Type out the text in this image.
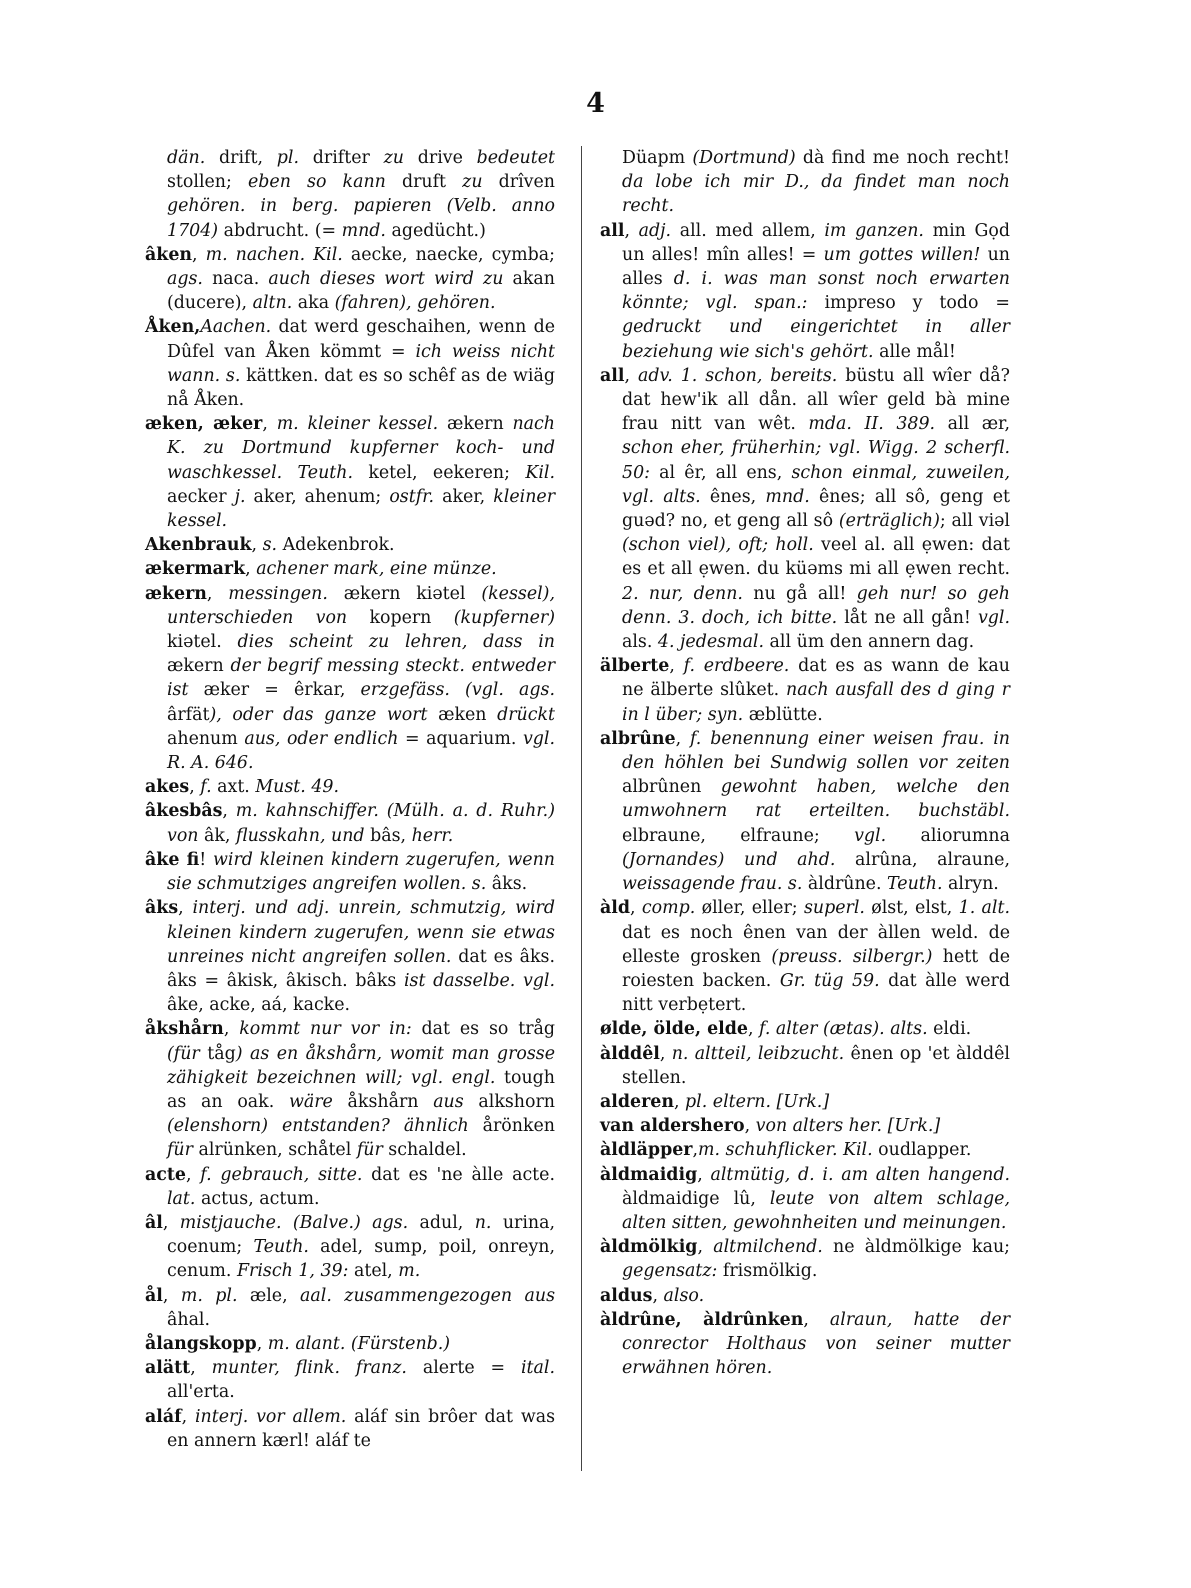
4

dän. drift, pl. drifter zu drive bedeutet stollen; eben so kann druft zu drîven gehören. in berg. papieren (Velb. anno 1704) abdrucht. (= mnd. agedücht.)

âken, m. nachen. Kil. aecke, naecke, cymba; ags. naca. auch dieses wort wird zu akan (ducere), altn. aka (fahren), gehören.

Åken,Aachen. dat werd geschaihen, wenn de Dûfel van Åken kömmt = ich weiss nicht wann. s. kättken. dat es so schêf as de wiäg nå Åken.

æken, æker, m. kleiner kessel. ækern nach K. zu Dortmund kupferner koch- und waschkessel. Teuth. ketel, eekeren; Kil. aecker j. aker, ahenum; ostfr. aker, kleiner kessel.

Akenbrauk, s. Adekenbrok.

ækermark, achener mark, eine münze.

ækern, messingen. ækern kiətel (kessel), unterschieden von kopern (kupferner) kiətel. dies scheint zu lehren, dass in ækern der begrif messing steckt. entweder ist æker = êrkar, erzgefäss. (vgl. ags. ârfät), oder das ganze wort æken drückt ahenum aus, oder endlich = aquarium. vgl. R. A. 646.

akes, f. axt. Must. 49.

âkesbâs, m. kahnschiffer. (Mülh. a. d. Ruhr.) von âk, flusskahn, und bâs, herr.

âke fi! wird kleinen kindern zugerufen, wenn sie schmutziges angreifen wollen. s. âks.

âks, interj. und adj. unrein, schmutzig, wird kleinen kindern zugerufen, wenn sie etwas unreines nicht angreifen sollen. dat es âks. âks = âkisk, âkisch. bâks ist dasselbe. vgl. âke, acke, aá, kacke.

åkshårn, kommt nur vor in: dat es so tråg (für tåg) as en åkshårn, womit man grosse zähigkeit bezeichnen will; vgl. engl. tough as an oak. wäre åkshårn aus alkshorn (elenshorn) entstanden? ähnlich årönken für alrünken, schåtel für schaldel.

acte, f. gebrauch, sitte. dat es 'ne àlle acte. lat. actus, actum.

âl, mistjauche. (Balve.) ags. adul, n. urina, coenum; Teuth. adel, sump, poil, onreyn, cenum. Frisch 1, 39: atel, m.

ål, m. pl. æle, aal. zusammengezogen aus âhal.

ålangskopp, m. alant. (Fürstenb.)

alätt, munter, flink. franz. alerte = ital. all'erta.

aláf, interj. vor allem. aláf sin brôer dat was en annern kærl! aláf te

Düapm (Dortmund) dà find me noch recht! da lobe ich mir D., da findet man noch recht.

all, adj. all. med allem, im ganzen. min Gọd un alles! mîn alles! = um gottes willen! un alles d. i. was man sonst noch erwarten könnte; vgl. span.: impreso y todo = gedruckt und eingerichtet in aller beziehung wie sich's gehört. alle mål!

all, adv. 1. schon, bereits. büstu all wîer då? dat hew'ik all dån. all wîer geld bà mine frau nitt van wêt. mda. II. 389. all ær, schon eher, früherhin; vgl. Wigg. 2 scherfl. 50: al êr, all ens, schon einmal, zuweilen, vgl. alts. ênes, mnd. ênes; all sô, geng et guəd? no, et geng all sô (erträglich); all viəl (schon viel), oft; holl. veel al. all ẹwen: dat es et all ẹwen. du küəms mi all ẹwen recht. 2. nur, denn. nu gå all! geh nur! so geh denn. 3. doch, ich bitte. låt ne all gån! vgl. als. 4. jedesmal. all üm den annern dag.

älberte, f. erdbeere. dat es as wann de kau ne älberte slûket. nach ausfall des d ging r in l über; syn. æblütte.

albrûne, f. benennung einer weisen frau. in den höhlen bei Sundwig sollen vor zeiten albrûnen gewohnt haben, welche den umwohnern rat erteilten. buchstäbl. elbraune, elfraune; vgl. aliorumna (Jornandes) und ahd. alrûna, alraune, weissagende frau. s. àldrûne. Teuth. alryn.

àld, comp. øller, eller; superl. ølst, elst, 1. alt. dat es noch ênen van der àllen weld. de elleste grosken (preuss. silbergr.) hett de roiesten backen. Gr. tüg 59. dat àlle werd nitt verbẹtert.

ølde, ölde, elde, f. alter (ætas). alts. eldi.

àlddêl, n. altteil, leibzucht. ênen op 'et àlddêl stellen.

alderen, pl. eltern. [Urk.]

van aldershero, von alters her. [Urk.]

àldläpper,m. schuhflicker. Kil. oudlapper.

àldmaidig, altmütig, d. i. am alten hangend. àldmaidige lû, leute von altem schlage, alten sitten, gewohnheiten und meinungen.

àldmölkig, altmilchend. ne àldmölkige kau; gegensatz: frismölkig.

aldus, also.

àldrûne, àldrûnken, alraun, hatte der conrector Holthaus von seiner mutter erwähnen hören.
